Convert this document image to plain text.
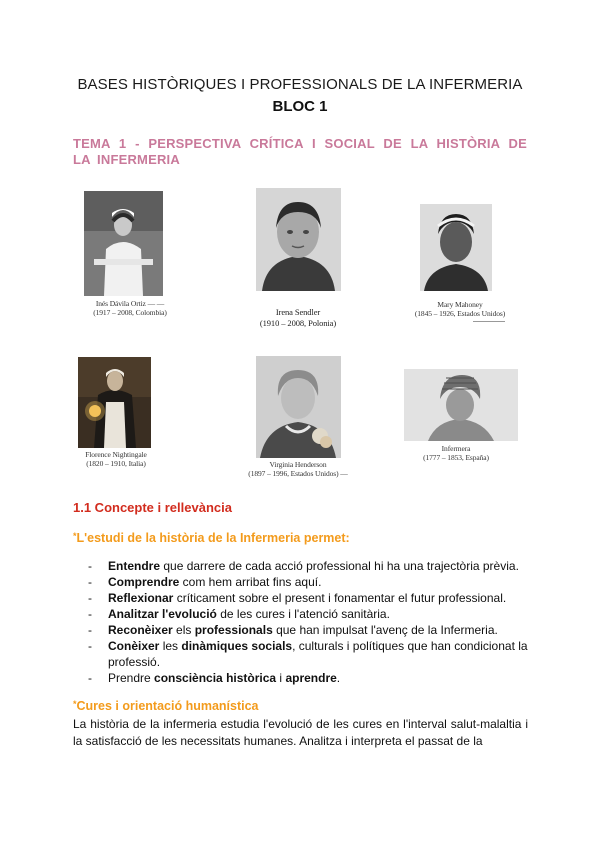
BASES HISTÒRIQUES I PROFESSIONALS DE LA INFERMERIA
BLOC 1
TEMA 1 - PERSPECTIVA CRÍTICA I SOCIAL DE LA HISTÒRIA DE LA INFERMERIA
Inés Dávila Ortiz — —
(1917 – 2008, Colombia)	Irena Sendler
(1910 – 2008, Polonia)
Mary Mahoney
(1845 – 1926, Estados Unidos)
Florence Nightingale
(1820 – 1910, Italia)	Virginia Henderson
(1897 – 1996, Estados Unidos) —
Infermera
(1777 – 1853, España)
1.1 Concepte i rellevància
*L'estudi de la història de la Infermeria permet:
- Entendre que darrere de cada acció professional hi ha una trajectòria prèvia.
- Comprendre com hem arribat fins aquí.
- Reflexionar críticament sobre el present i fonamentar el futur professional.
- Analitzar l'evolució de les cures i l'atenció sanitària.
- Reconèixer els professionals que han impulsat l'avenç de la Infermeria.
- Conèixer les dinàmiques socials, culturals i polítiques que han condicionat la professió.
- Prendre consciència històrica i aprendre.
*Cures i orientació humanística
La història de la infermeria estudia l'evolució de les cures en l'interval salut-malaltia i la satisfacció de les necessitats humanes. Analitza i interpreta el passat de la
